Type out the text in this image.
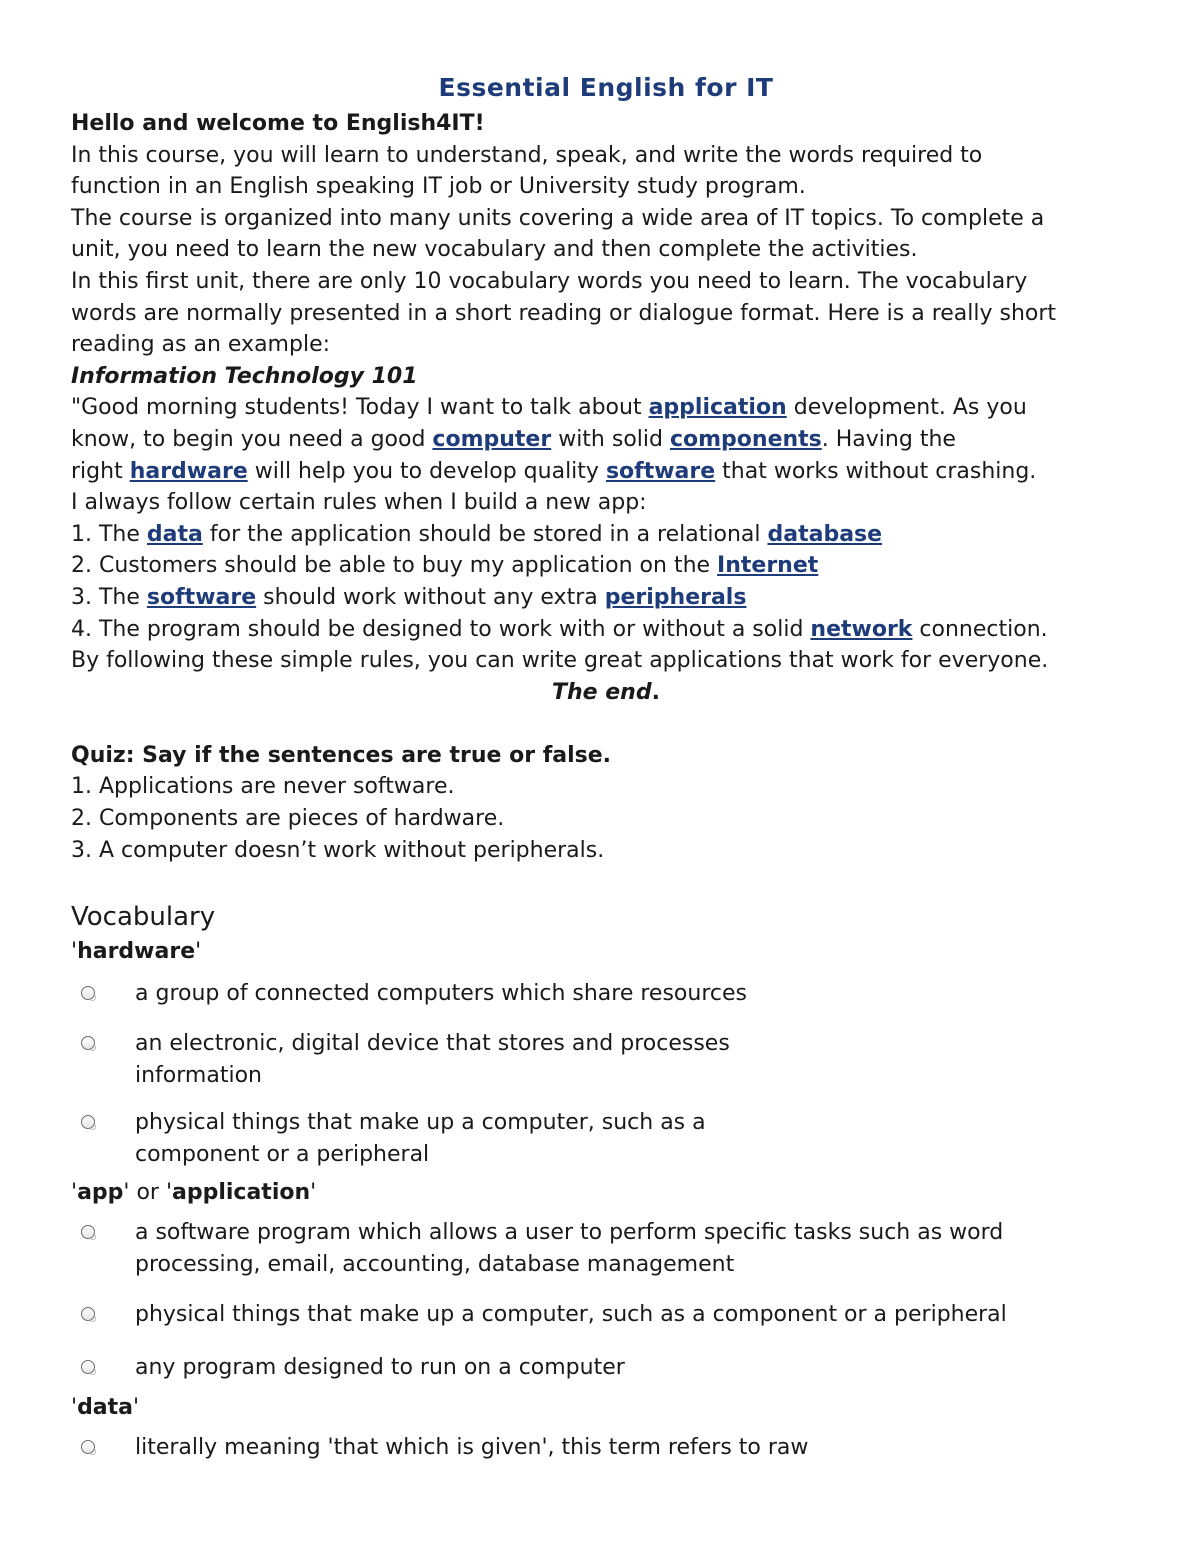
Essential English for IT
Hello and welcome to English4IT!
In this course, you will learn to understand, speak, and write the words required to
function in an English speaking IT job or University study program.
The course is organized into many units covering a wide area of IT topics. To complete a
unit, you need to learn the new vocabulary and then complete the activities.
In this first unit, there are only 10 vocabulary words you need to learn. The vocabulary
words are normally presented in a short reading or dialogue format. Here is a really short
reading as an example:
Information Technology 101
"Good morning students! Today I want to talk about application development. As you
know, to begin you need a good computer with solid components. Having the
right hardware will help you to develop quality software that works without crashing.
I always follow certain rules when I build a new app:
1. The data for the application should be stored in a relational database
2. Customers should be able to buy my application on the Internet
3. The software should work without any extra peripherals
4. The program should be designed to work with or without a solid network connection.
By following these simple rules, you can write great applications that work for everyone.
The end.
Quiz: Say if the sentences are true or false.
1. Applications are never software.
2. Components are pieces of hardware.
3. A computer doesn’t work without peripherals.
Vocabulary
'hardware'
a group of connected computers which share resources
an electronic, digital device that stores and processes
information
physical things that make up a computer, such as a
component or a peripheral
'app' or 'application'
a software program which allows a user to perform specific tasks such as word
processing, email, accounting, database management
physical things that make up a computer, such as a component or a peripheral
any program designed to run on a computer
'data'
literally meaning 'that which is given', this term refers to raw
